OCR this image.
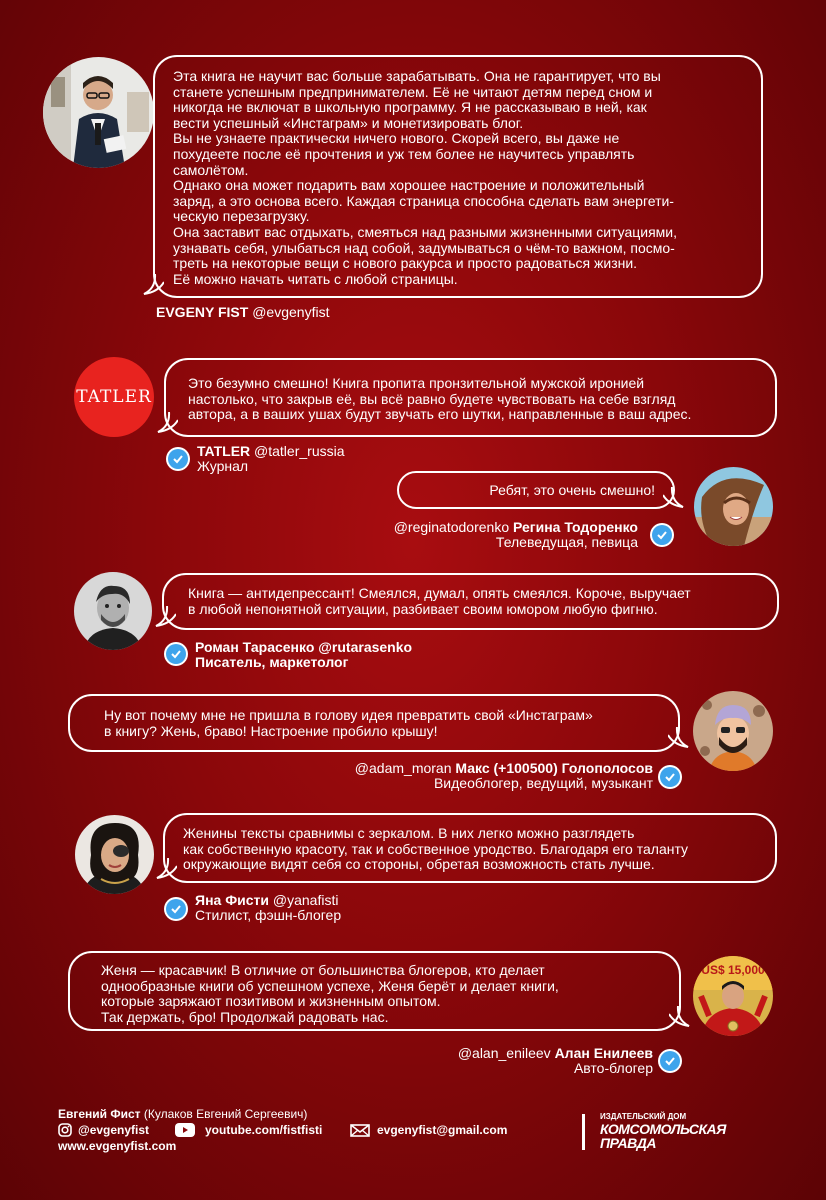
Эта книга не научит вас больше зарабатывать. Она не гарантирует, что вы

станете успешным предпринимателем. Её не читают детям перед сном и

никогда не включат в школьную программу. Я не рассказываю в ней, как

вести успешный «Инстаграм» и монетизировать блог.

Вы не узнаете практически ничего нового. Скорей всего, вы даже не

похудеете после её прочтения и уж тем более не научитесь управлять

самолётом.

Однако она может подарить вам хорошее настроение и положительный

заряд, а это основа всего. Каждая страница способна сделать вам энергети-

ческую перезагрузку.

Она заставит вас отдыхать, смеяться над разными жизненными ситуациями,

узнавать себя, улыбаться над собой, задумываться о чём-то важном, посмо-

треть на некоторые вещи с нового ракурса и просто радоваться жизни.

Её можно начать читать с любой страницы.

EVGENY FIST @evgenyfist
TATLER

Это безумно смешно! Книга пропита пронзительной мужской иронией

настолько, что закрыв её, вы всё равно будете чувствовать на себе взгляд

автора, а в ваших ушах будут звучать его шутки, направленные в ваш адрес.

TATLER @tatler_russia
Журнал

Ребят, это очень смешно!

@reginatodorenko Регина Тодоренко
Телеведущая, певица

Книга — антидепрессант! Смеялся, думал, опять смеялся. Короче, выручает

в любой непонятной ситуации, разбивает своим юмором любую фигню.

Роман Тарасенко @rutarasenko
Писатель, маркетолог

Ну вот почему мне не пришла в голову идея превратить свой «Инстаграм»

в книгу? Жень, браво! Настроение пробило крышу!

@adam_moran Макс (+100500) Голополосов
Видеоблогер, ведущий, музыкант

Женины тексты сравнимы с зеркалом. В них легко можно разглядеть

как собственную красоту, так и собственное уродство. Благодаря его таланту

окружающие видят себя со стороны, обретая возможность стать лучше.

Яна Фисти @yanafisti
Стилист, фэшн-блогер

Женя — красавчик! В отличие от большинства блогеров, кто делает

однообразные книги об успешном успехе, Женя берёт и делает книги,

которые заряжают позитивом и жизненным опытом.

Так держать, бро! Продолжай радовать нас.

US$ 15,000
@alan_enileev Алан Енилеев
Авто-блогер
Евгений Фист (Кулаков Евгений Сергеевич)
@evgenyfist	youtube.com/fistfisti	evgenyfist@gmail.com
www.evgenyfist.com
ИЗДАТЕЛЬСКИЙ ДОМ
КОМСОМОЛЬСКАЯ
ПРАВДА
